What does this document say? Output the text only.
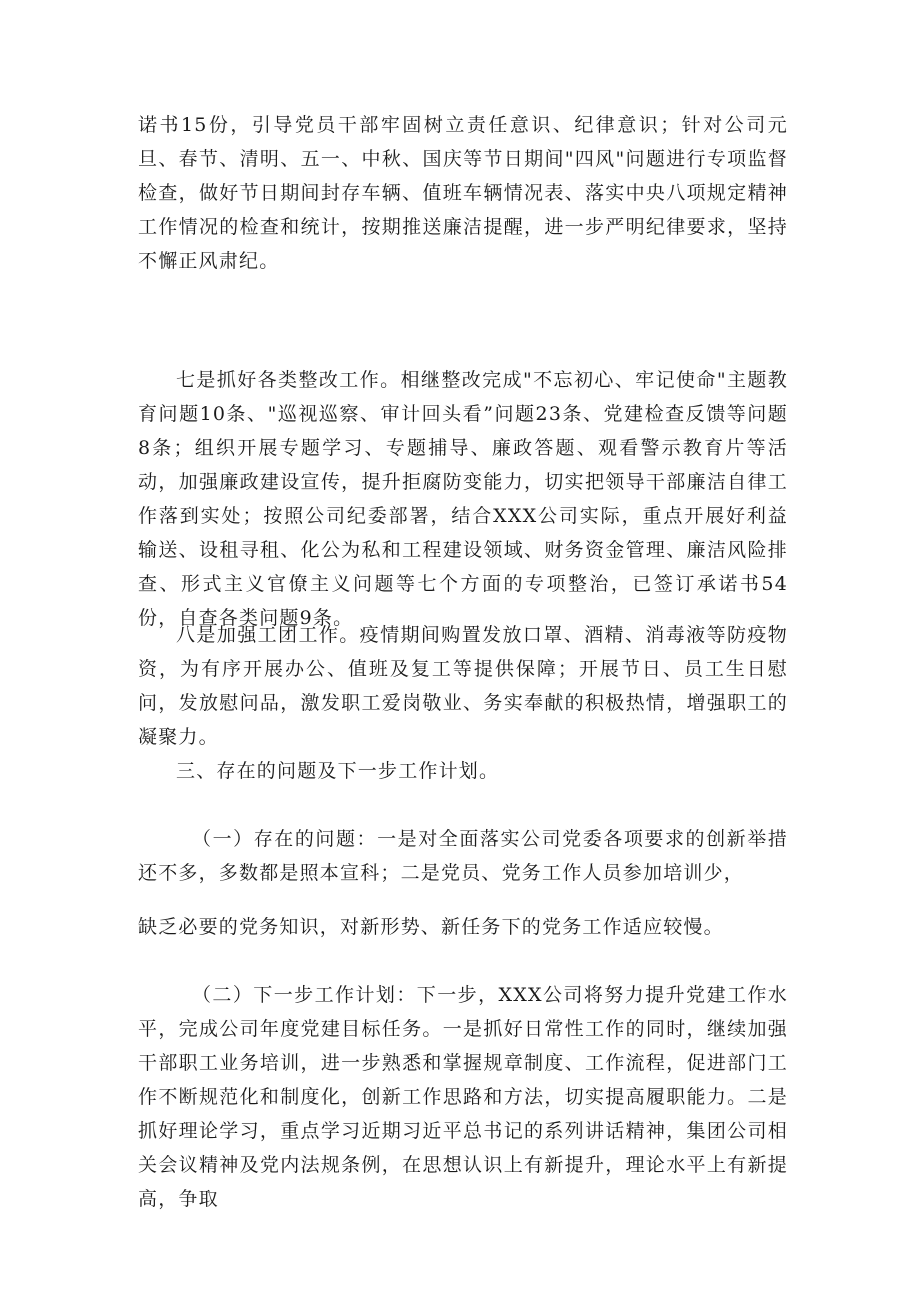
诺书15份，引导党员干部牢固树立责任意识、纪律意识；针对公司元旦、春节、清明、五一、中秋、国庆等节日期间"四风"问题进行专项监督检查，做好节日期间封存车辆、值班车辆情况表、落实中央八项规定精神工作情况的检查和统计，按期推送廉洁提醒，进一步严明纪律要求，坚持不懈正风肃纪。

七是抓好各类整改工作。相继整改完成"不忘初心、牢记使命"主题教育问题10条、"巡视巡察、审计回头看”问题23条、党建检查反馈等问题8条；组织开展专题学习、专题捕导、廉政答题、观看警示教育片等活动，加强廉政建设宣传，提升拒腐防变能力，切实把领导干部廉洁自律工作落到实处；按照公司纪委部署，结合XXX公司实际，重点开展好利益输送、设租寻租、化公为私和工程建设领域、财务资金管理、廉洁风险排查、形式主义官僚主义问题等七个方面的专项整治，已签订承诺书54份，自查各类问题9条。

八是加强工团工作。疫情期间购置发放口罩、酒精、消毒液等防疫物资，为有序开展办公、值班及复工等提供保障；开展节日、员工生日慰问，发放慰问品，激发职工爱岗敬业、务实奉献的积极热情，增强职工的凝聚力。

三、存在的问题及下一步工作计划。

（一）存在的问题：一是对全面落实公司党委各项要求的创新举措还不多，多数都是照本宣科；二是党员、党务工作人员参加培训少，

缺乏必要的党务知识，对新形势、新任务下的党务工作适应较慢。

（二）下一步工作计划：下一步，XXX公司将努力提升党建工作水平，完成公司年度党建目标任务。一是抓好日常性工作的同时，继续加强干部职工业务培训，进一步熟悉和掌握规章制度、工作流程，促进部门工作不断规范化和制度化，创新工作思路和方法，切实提高履职能力。二是抓好理论学习，重点学习近期习近平总书记的系列讲话精神，集团公司相关会议精神及党内法规条例，在思想认识上有新提升，理论水平上有新提高，争取
